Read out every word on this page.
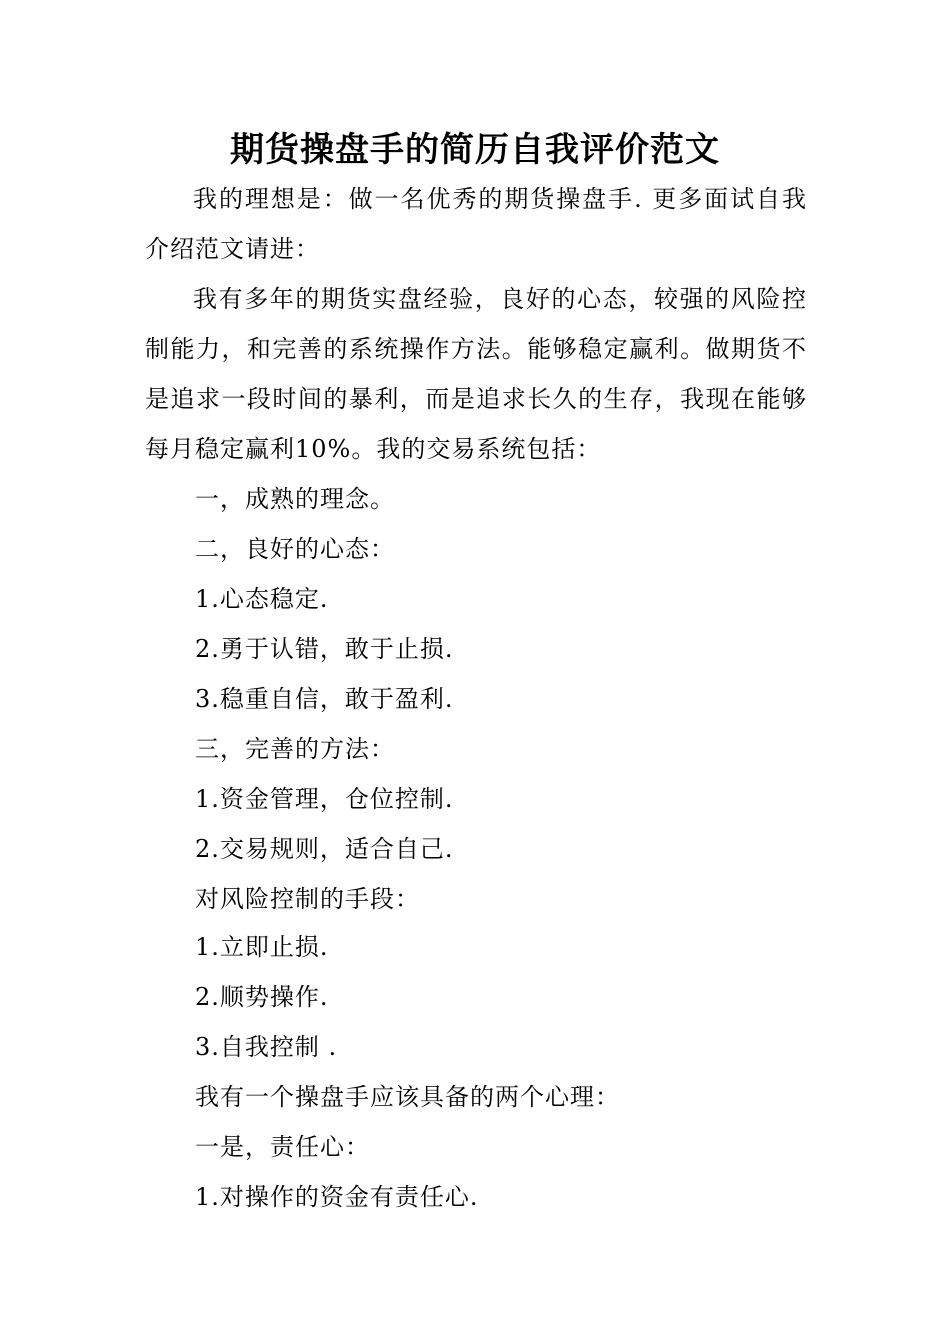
期货操盘手的简历自我评价范文
我的理想是：做一名优秀的期货操盘手. 更多面试自我介绍范文请进：
我有多年的期货实盘经验，良好的心态，较强的风险控制能力，和完善的系统操作方法。能够稳定赢利。做期货不是追求一段时间的暴利，而是追求长久的生存，我现在能够每月稳定赢利10%。我的交易系统包括：
一，成熟的理念。
二，良好的心态：
1.心态稳定.
2.勇于认错，敢于止损.
3.稳重自信，敢于盈利.
三，完善的方法：
1.资金管理，仓位控制.
2.交易规则，适合自己.
对风险控制的手段：
1.立即止损.
2.顺势操作.
3.自我控制 .
我有一个操盘手应该具备的两个心理：
一是，责任心：
1.对操作的资金有责任心.
